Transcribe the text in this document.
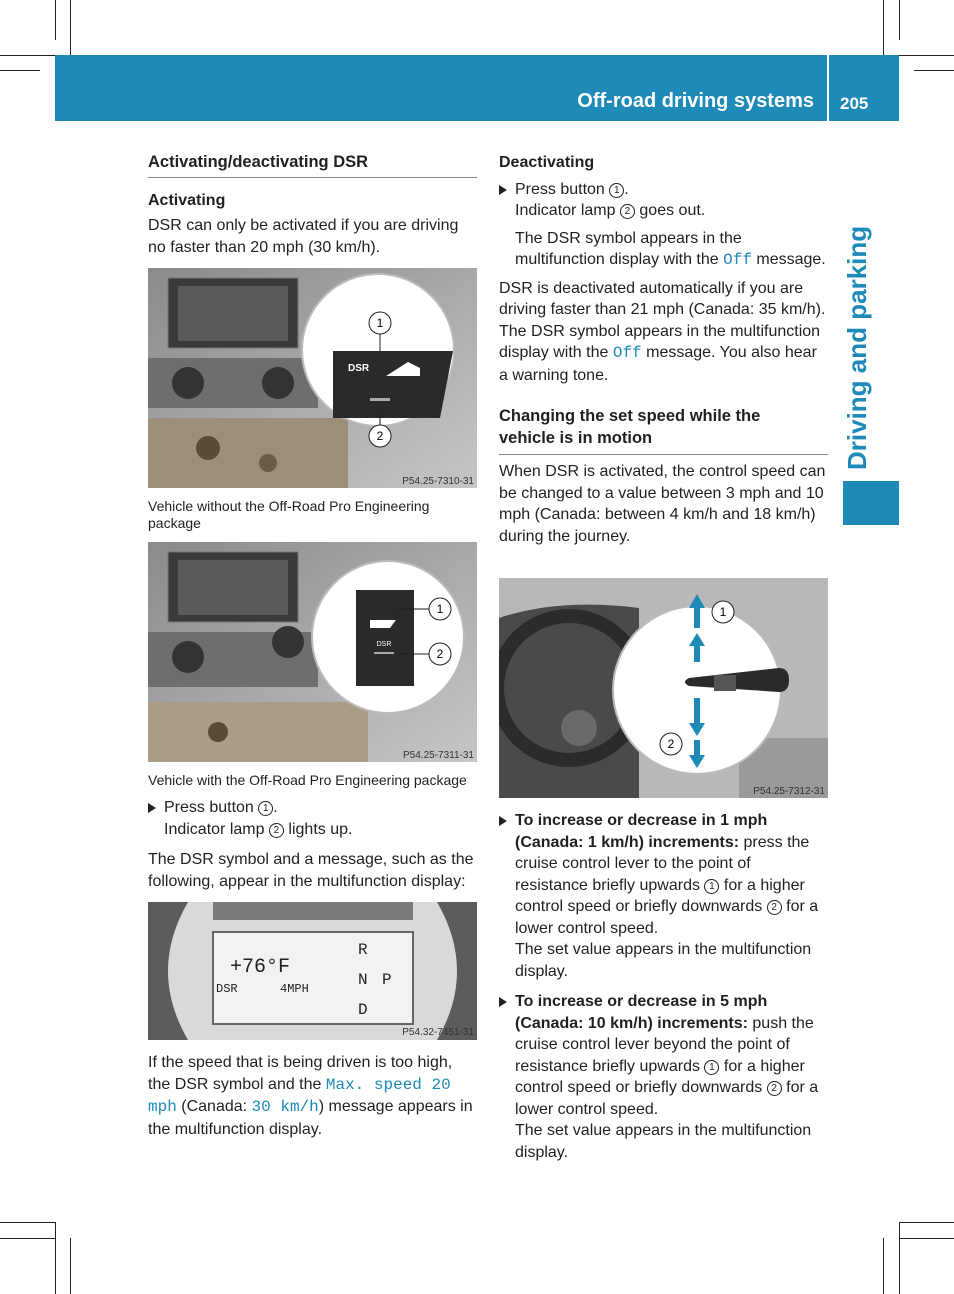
Off-road driving systems 205
Driving and parking

Activating/deactivating DSR

Activating

DSR can only be activated if you are driving no faster than 20 mph (30 km/h).

DSR
1
2
P54.25-7310-31
Vehicle without the Off-Road Pro Engineering package
DSR
1
2
P54.25-7311-31
Vehicle with the Off-Road Pro Engineering package

Press button 1 .

Indicator lamp 2 lights up.

The DSR symbol and a message, such as the following, appear in the multifunction display:

+76°F
DSR	4MPH
R
N
D
P
P54.32-7451-31

If the speed that is being driven is too high, the DSR symbol and the Max. speed 20 mph (Canada: 30 km/h) message appears in the multifunction display.

Deactivating

Press button 1 .

Indicator lamp 2 goes out.

The DSR symbol appears in the multifunction display with the Off message.

DSR is deactivated automatically if you are driving faster than 21 mph (Canada: 35 km/h). The DSR symbol appears in the multifunction display with the Off message. You also hear a warning tone.

Changing the set speed while the vehicle is in motion

When DSR is activated, the control speed can be changed to a value between 3 mph and 10 mph (Canada: between 4 km/h and 18 km/h) during the journey.

1
2
P54.25-7312-31

To increase or decrease in 1 mph (Canada: 1 km/h) increments: press the cruise control lever to the point of resistance briefly upwards 1 for a higher control speed or briefly downwards 2 for a lower control speed.

The set value appears in the multifunction display.

To increase or decrease in 5 mph (Canada: 10 km/h) increments: push the cruise control lever beyond the point of resistance briefly upwards 1 for a higher control speed or briefly downwards 2 for a lower control speed.

The set value appears in the multifunction display.
